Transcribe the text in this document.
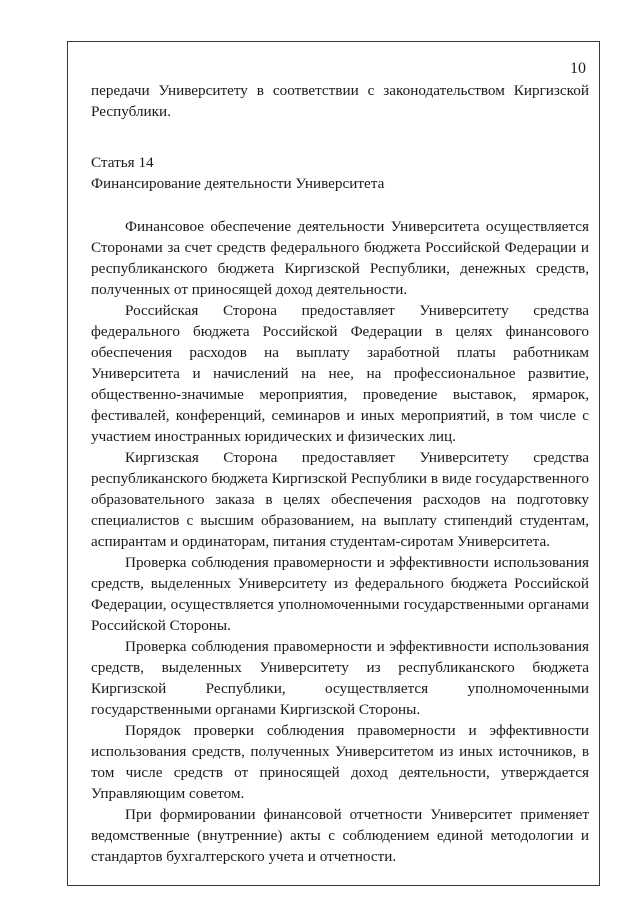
10

передачи Университету в соответствии с законодательством Киргизской Республики.

Статья 14

Финансирование деятельности Университета

Финансовое обеспечение деятельности Университета осуществляется Сторонами за счет средств федерального бюджета Российской Федерации и республиканского бюджета Киргизской Республики, денежных средств, полученных от приносящей доход деятельности.

Российская Сторона предоставляет Университету средства федерального бюджета Российской Федерации в целях финансового обеспечения расходов на выплату заработной платы работникам Университета и начислений на нее, на профессиональное развитие, общественно-значимые мероприятия, проведение выставок, ярмарок, фестивалей, конференций, семинаров и иных мероприятий, в том числе с участием иностранных юридических и физических лиц.

Киргизская Сторона предоставляет Университету средства республиканского бюджета Киргизской Республики в виде государственного образовательного заказа в целях обеспечения расходов на подготовку специалистов с высшим образованием, на выплату стипендий студентам, аспирантам и ординаторам, питания студентам-сиротам Университета.

Проверка соблюдения правомерности и эффективности использования средств, выделенных Университету из федерального бюджета Российской Федерации, осуществляется уполномоченными государственными органами Российской Стороны.

Проверка соблюдения правомерности и эффективности использования средств, выделенных Университету из республиканского бюджета Киргизской Республики, осуществляется уполномоченными государственными органами Киргизской Стороны.

Порядок проверки соблюдения правомерности и эффективности использования средств, полученных Университетом из иных источников, в том числе средств от приносящей доход деятельности, утверждается Управляющим советом.

При формировании финансовой отчетности Университет применяет ведомственные (внутренние) акты с соблюдением единой методологии и стандартов бухгалтерского учета и отчетности.
